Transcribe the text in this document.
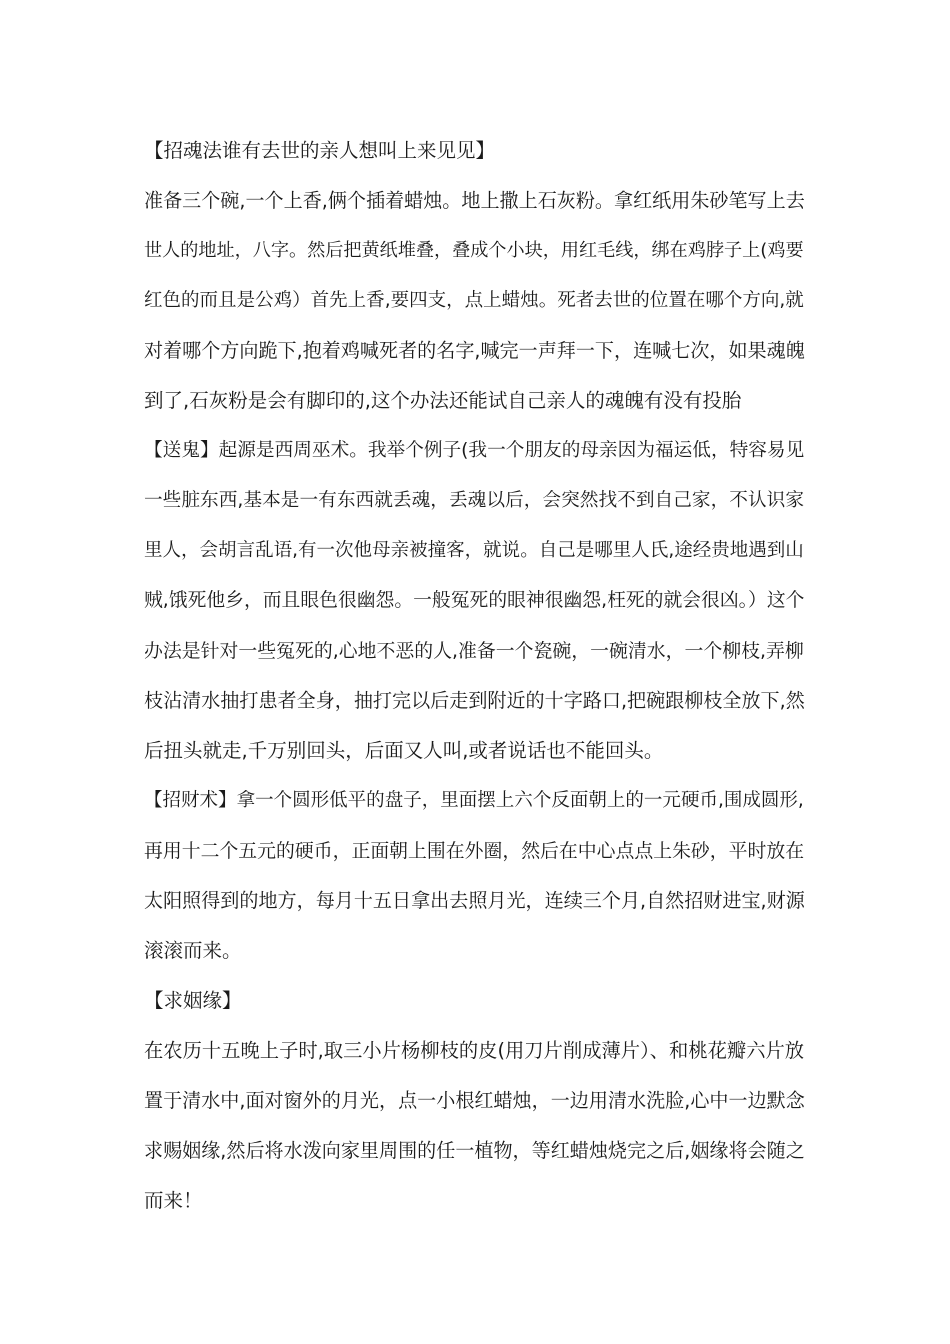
【招魂法谁有去世的亲人想叫上来见见】
准备三个碗,一个上香,俩个插着蜡烛。地上撒上石灰粉。拿红纸用朱砂笔写上去
世人的地址，八字。然后把黄纸堆叠，叠成个小块，用红毛线，绑在鸡脖子上(鸡要
红色的而且是公鸡）首先上香,要四支，点上蜡烛。死者去世的位置在哪个方向,就
对着哪个方向跪下,抱着鸡喊死者的名字,喊完一声拜一下，连喊七次，如果魂魄
到了,石灰粉是会有脚印的,这个办法还能试自己亲人的魂魄有没有投胎
【送鬼】起源是西周巫术。我举个例子(我一个朋友的母亲因为福运低，特容易见
一些脏东西,基本是一有东西就丢魂，丢魂以后，会突然找不到自己家，不认识家
里人，会胡言乱语,有一次他母亲被撞客，就说。自己是哪里人氏,途经贵地遇到山
贼,饿死他乡，而且眼色很幽怨。一般冤死的眼神很幽怨,枉死的就会很凶。）这个
办法是针对一些冤死的,心地不恶的人,准备一个瓷碗，一碗清水，一个柳枝,弄柳
枝沾清水抽打患者全身，抽打完以后走到附近的十字路口,把碗跟柳枝全放下,然
后扭头就走,千万别回头，后面又人叫,或者说话也不能回头。
【招财术】拿一个圆形低平的盘子，里面摆上六个反面朝上的一元硬币,围成圆形,
再用十二个五元的硬币，正面朝上围在外圈，然后在中心点点上朱砂，平时放在
太阳照得到的地方，每月十五日拿出去照月光，连续三个月,自然招财进宝,财源
滚滚而来。
【求姻缘】
在农历十五晚上子时,取三小片杨柳枝的皮(用刀片削成薄片）、和桃花瓣六片放
置于清水中,面对窗外的月光，点一小根红蜡烛，一边用清水洗脸,心中一边默念
求赐姻缘,然后将水泼向家里周围的任一植物，等红蜡烛烧完之后,姻缘将会随之
而来！
